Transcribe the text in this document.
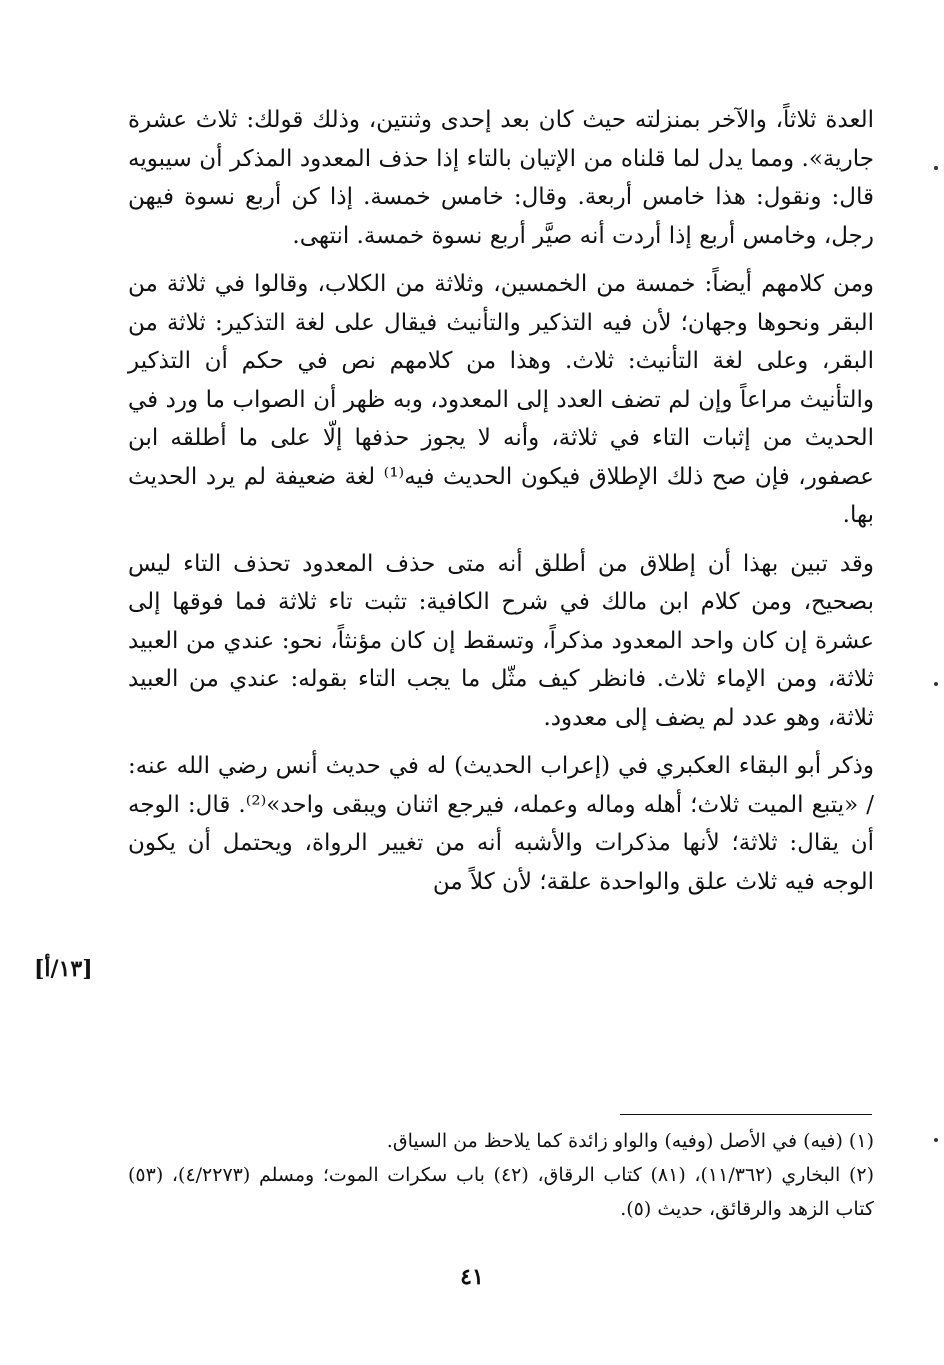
العدة ثلاثاً، والآخر بمنزلته حيث كان بعد إحدى وثنتين، وذلك قولك: ثلاث عشرة جارية». ومما يدل لما قلناه من الإتيان بالتاء إذا حذف المعدود المذكر أن سيبويه قال: ونقول: هذا خامس أربعة. وقال: خامس خمسة. إذا كن أربع نسوة فيهن رجل، وخامس أربع إذا أردت أنه صيَّر أربع نسوة خمسة. انتهى.

ومن كلامهم أيضاً: خمسة من الخمسين، وثلاثة من الكلاب، وقالوا في ثلاثة من البقر ونحوها وجهان؛ لأن فيه التذكير والتأنيث فيقال على لغة التذكير: ثلاثة من البقر، وعلى لغة التأنيث: ثلاث. وهذا من كلامهم نص في حكم أن التذكير والتأنيث مراعاً وإن لم تضف العدد إلى المعدود، وبه ظهر أن الصواب ما ورد في الحديث من إثبات التاء في ثلاثة، وأنه لا يجوز حذفها إلّا على ما أطلقه ابن عصفور، فإن صح ذلك الإطلاق فيكون الحديث فيه⁽¹⁾ لغة ضعيفة لم يرد الحديث بها.

وقد تبين بهذا أن إطلاق من أطلق أنه متى حذف المعدود تحذف التاء ليس بصحيح، ومن كلام ابن مالك في شرح الكافية: تثبت تاء ثلاثة فما فوقها إلى عشرة إن كان واحد المعدود مذكراً، وتسقط إن كان مؤنثاً، نحو: عندي من العبيد ثلاثة، ومن الإماء ثلاث. فانظر كيف مثّل ما يجب التاء بقوله: عندي من العبيد ثلاثة، وهو عدد لم يضف إلى معدود.

وذكر أبو البقاء العكبري في (إعراب الحديث) له في حديث أنس رضي الله عنه: / «يتبع الميت ثلاث؛ أهله وماله وعمله، فيرجع اثنان ويبقى واحد»⁽²⁾. قال: الوجه أن يقال: ثلاثة؛ لأنها مذكرات والأشبه أنه من تغيير الرواة، ويحتمل أن يكون الوجه فيه ثلاث علق والواحدة علقة؛ لأن كلاً من

[١٣/أ]

(١) (فيه) في الأصل (وفيه) والواو زائدة كما يلاحظ من السياق.

(٢) البخاري (١١/٣٦٢)، (٨١) كتاب الرقاق، (٤٢) باب سكرات الموت؛ ومسلم (٤/٢٢٧٣)، (٥٣) كتاب الزهد والرقائق، حديث (٥).

٤١
